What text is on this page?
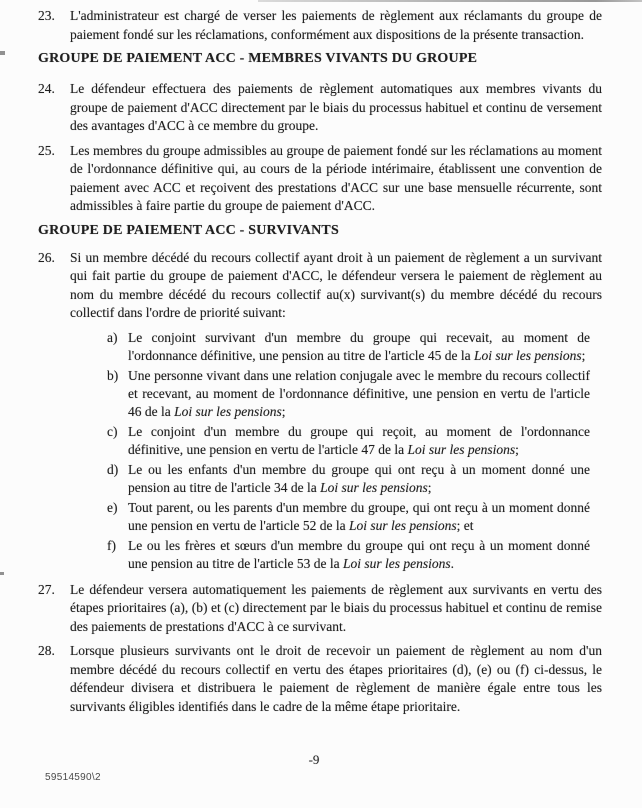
23. L'administrateur est chargé de verser les paiements de règlement aux réclamants du groupe de paiement fondé sur les réclamations, conformément aux dispositions de la présente transaction.

GROUPE DE PAIEMENT ACC - MEMBRES VIVANTS DU GROUPE
24. Le défendeur effectuera des paiements de règlement automatiques aux membres vivants du groupe de paiement d'ACC directement par le biais du processus habituel et continu de versement des avantages d'ACC à ce membre du groupe.

25. Les membres du groupe admissibles au groupe de paiement fondé sur les réclamations au moment de l'ordonnance définitive qui, au cours de la période intérimaire, établissent une convention de paiement avec ACC et reçoivent des prestations d'ACC sur une base mensuelle récurrente, sont admissibles à faire partie du groupe de paiement d'ACC.

GROUPE DE PAIEMENT ACC - SURVIVANTS
26. Si un membre décédé du recours collectif ayant droit à un paiement de règlement a un survivant qui fait partie du groupe de paiement d'ACC, le défendeur versera le paiement de règlement au nom du membre décédé du recours collectif au(x) survivant(s) du membre décédé du recours collectif dans l'ordre de priorité suivant:

a) Le conjoint survivant d'un membre du groupe qui recevait, au moment de l'ordonnance définitive, une pension au titre de l'article 45 de la Loi sur les pensions;

b) Une personne vivant dans une relation conjugale avec le membre du recours collectif et recevant, au moment de l'ordonnance définitive, une pension en vertu de l'article 46 de la Loi sur les pensions;

c) Le conjoint d'un membre du groupe qui reçoit, au moment de l'ordonnance définitive, une pension en vertu de l'article 47 de la Loi sur les pensions;

d) Le ou les enfants d'un membre du groupe qui ont reçu à un moment donné une pension au titre de l'article 34 de la Loi sur les pensions;

e) Tout parent, ou les parents d'un membre du groupe, qui ont reçu à un moment donné une pension en vertu de l'article 52 de la Loi sur les pensions; et

f) Le ou les frères et sœurs d'un membre du groupe qui ont reçu à un moment donné une pension au titre de l'article 53 de la Loi sur les pensions.

27. Le défendeur versera automatiquement les paiements de règlement aux survivants en vertu des étapes prioritaires (a), (b) et (c) directement par le biais du processus habituel et continu de remise des paiements de prestations d'ACC à ce survivant.

28. Lorsque plusieurs survivants ont le droit de recevoir un paiement de règlement au nom d'un membre décédé du recours collectif en vertu des étapes prioritaires (d), (e) ou (f) ci-dessus, le défendeur divisera et distribuera le paiement de règlement de manière égale entre tous les survivants éligibles identifiés dans le cadre de la même étape prioritaire.

-9
59514590\2
